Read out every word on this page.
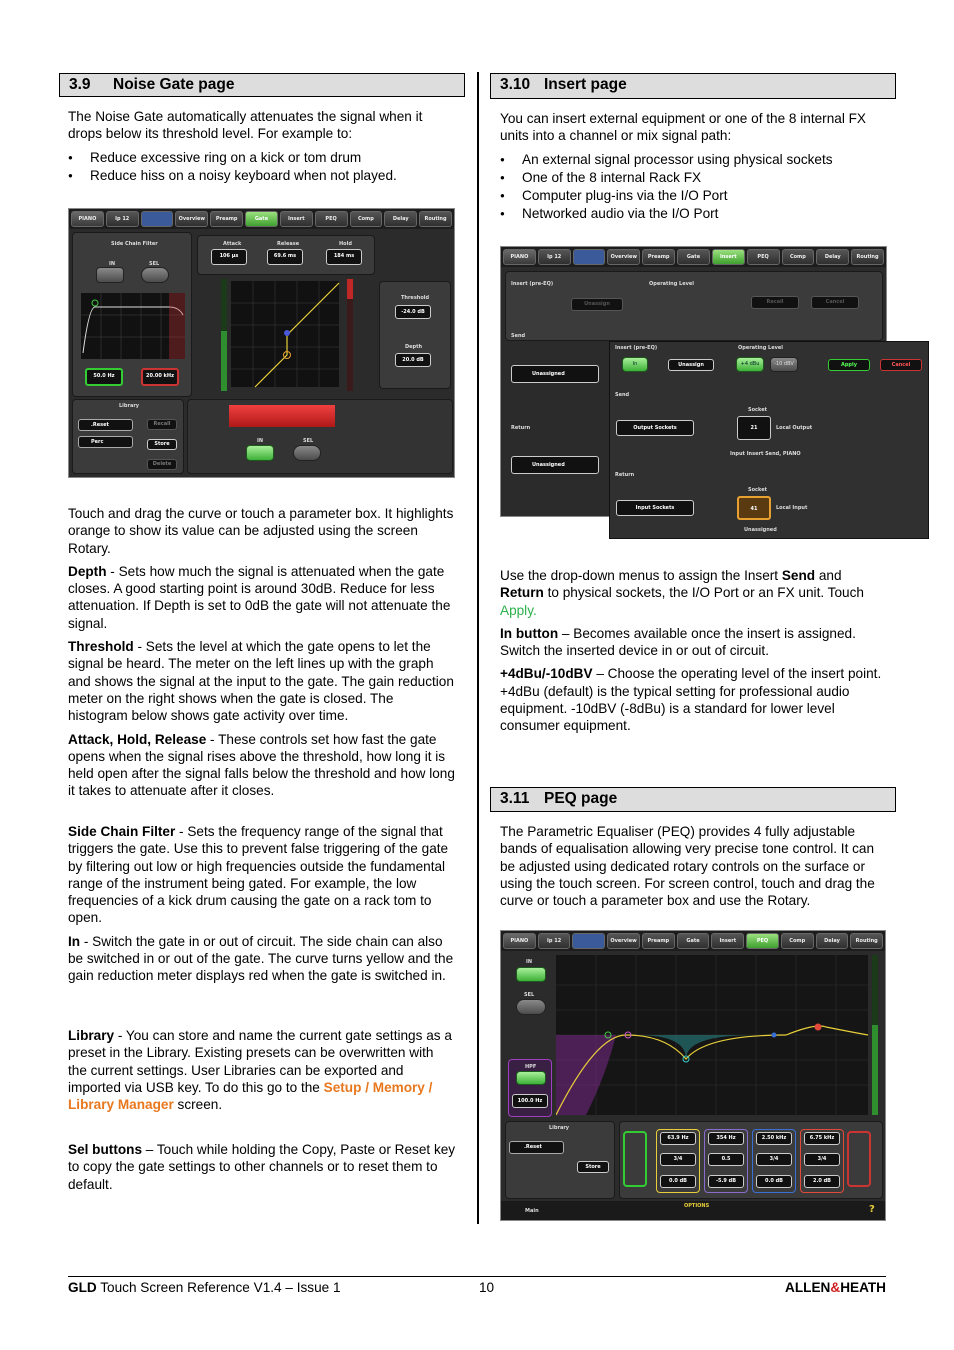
3.9 Noise Gate page

The Noise Gate automatically attenuates the signal when it drops below its threshold level. For example to:

● Reduce excessive ring on a kick or tom drum
● Reduce hiss on a noisy keyboard when not played.
PIANO	Ip 12	Overview	Preamp	Gate	Insert	PEQ	Comp	Delay	Routing
Side Chain Filter
IN	SEL
50.0 Hz	20.00 kHz
Attack	Release	Hold
106 µs	69.6 ms	184 ms
Threshold
-24.0 dB
Depth
20.0 dB
Library
.Reset
Perc
Recall
Store
Delete
IN	SEL

Touch and drag the curve or touch a parameter box. It highlights orange to show its value can be adjusted using the screen Rotary.

Depth - Sets how much the signal is attenuated when the gate closes. A good starting point is around 30dB. Reduce for less attenuation. If Depth is set to 0dB the gate will not attenuate the signal.

Threshold - Sets the level at which the gate opens to let the signal be heard. The meter on the left lines up with the graph and shows the signal at the input to the gate. The gain reduction meter on the right shows when the gate is closed. The histogram below shows gate activity over time.

Attack, Hold, Release - These controls set how fast the gate opens when the signal rises above the threshold, how long it is held open after the signal falls below the threshold and how long it takes to attenuate after it closes.

Side Chain Filter - Sets the frequency range of the signal that triggers the gate. Use this to prevent false triggering of the gate by filtering out low or high frequencies outside the fundamental range of the instrument being gated. For example, the low frequencies of a kick drum causing the gate on a rack tom to open.

In - Switch the gate in or out of circuit. The side chain can also be switched in or out of the gate. The curve turns yellow and the gain reduction meter displays red when the gate is switched in.

Library - You can store and name the current gate settings as a preset in the Library. Existing presets can be overwritten with the current settings. User Libraries can be exported and imported via USB key. To do this go to the Setup / Memory / Library Manager screen.

Sel buttons – Touch while holding the Copy, Paste or Reset key to copy the gate settings to other channels or to reset them to default.

3.10 Insert page

You can insert external equipment or one of the 8 internal FX units into a channel or mix signal path:

● An external signal processor using physical sockets
● One of the 8 internal Rack FX
● Computer plug-ins via the I/O Port
● Networked audio via the I/O Port
PIANO	Ip 12	Overview	Preamp	Gate	Insert	PEQ	Comp	Delay	Routing
Insert (pre-EQ)	Operating Level
Unassign	Recall	Cancel
Send
Unassigned
Return
Unassigned
Insert (pre-EQ)	Operating Level
In	Unassign	+4 dBu	-10 dBV	Apply	Cancel
Send
Socket
Output Sockets	21	Local Output
Input Insert Send, PIANO
Return
Socket
Input Sockets	41	Local Input
Unassigned

Use the drop-down menus to assign the Insert Send and Return to physical sockets, the I/O Port or an FX unit. Touch Apply.

In button – Becomes available once the insert is assigned. Switch the inserted device in or out of circuit.

+4dBu/-10dBV – Choose the operating level of the insert point. +4dBu (default) is the typical setting for professional audio equipment. -10dBV (-8dBu) is a standard for lower level consumer equipment.

3.11 PEQ page

The Parametric Equaliser (PEQ) provides 4 fully adjustable bands of equalisation allowing very precise tone control. It can be adjusted using dedicated rotary controls on the surface or using the touch screen. For screen control, touch and drag the curve or touch a parameter box and use the Rotary.

PIANO	Ip 12	Overview	Preamp	Gate	Insert	PEQ	Comp	Delay	Routing
IN
SEL
HPF
100.0 Hz
Library
.Reset
Store
63.9 Hz
3/4
0.0 dB
354 Hz
0.5
-5.9 dB
2.50 kHz
3/4
0.0 dB
6.75 kHz
3/4
2.0 dB
Main
OPTIONS	?
GLD Touch Screen Reference V1.4 – Issue 1	10	ALLEN&HEATH
